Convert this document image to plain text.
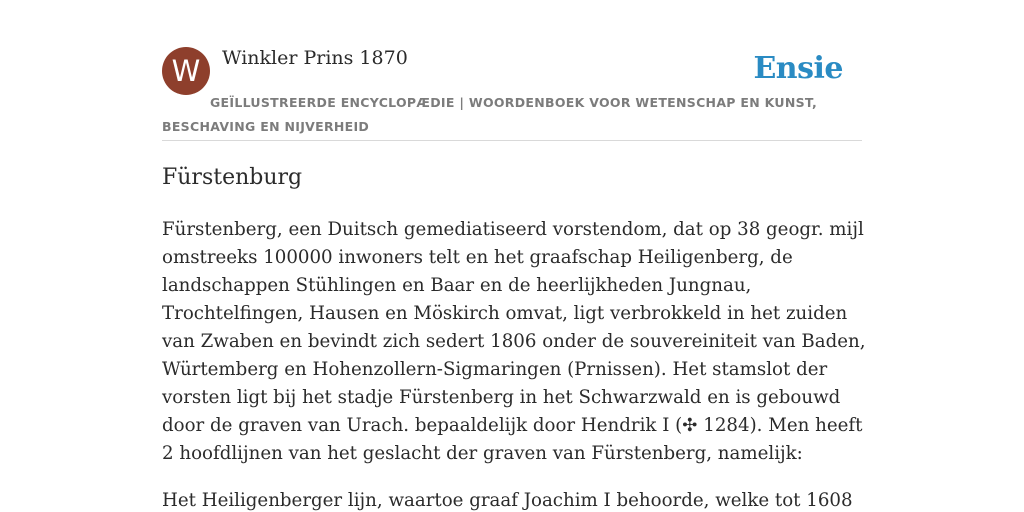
W	Winkler Prins 1870	Ensie
GEÏLLUSTREERDE ENCYCLOPÆDIE | WOORDENBOEK VOOR WETENSCHAP EN KUNST, BESCHAVING EN NIJVERHEID
Fürstenburg

Fürstenberg, een Duitsch gemediatiseerd vorstendom, dat op 38 geogr. mijl omstreeks 100000 inwoners telt en het graafschap Heiligenberg, de landschappen Stühlingen en Baar en de heerlijkheden Jungnau, Trochtelfingen, Hausen en Möskirch omvat, ligt verbrokkeld in het zuiden van Zwaben en bevindt zich sedert 1806 onder de souvereiniteit van Baden, Würtemberg en Hohenzollern-Sigmaringen (Prnissen). Het stamslot der vorsten ligt bij het stadje Fürstenberg in het Schwarzwald en is gebouwd door de graven van Urach. bepaaldelijk door Hendrik I (✣ 1284). Men heeft 2 hoofdlijnen van het geslacht der graven van Fürstenberg, namelijk:

Het Heiligenberger lijn, waartoe graaf Joachim I behoorde, welke tot 1608
